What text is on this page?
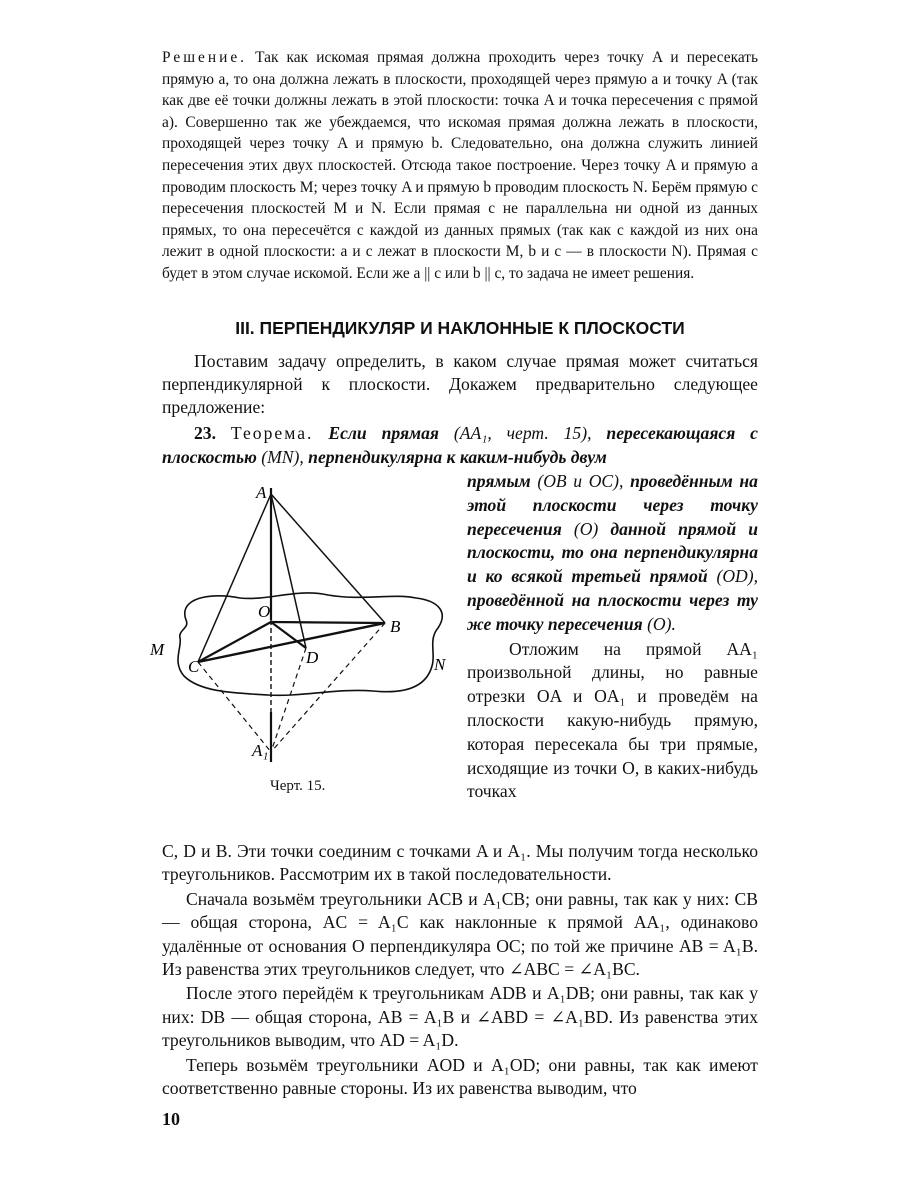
Решение. Так как искомая прямая должна проходить через точку A и пересекать прямую a, то она должна лежать в плоскости, проходящей через прямую a и точку A (так как две её точки должны лежать в этой плоскости: точка A и точка пересечения с прямой a). Совершенно так же убеждаемся, что искомая прямая должна лежать в плоскости, проходящей через точку A и прямую b. Следовательно, она должна служить линией пересечения этих двух плоскостей. Отсюда такое построение. Через точку A и прямую a проводим плоскость M; через точку A и прямую b проводим плоскость N. Берём прямую c пересечения плоскостей M и N. Если прямая c не параллельна ни одной из данных прямых, то она пересечётся с каждой из данных прямых (так как с каждой из них она лежит в одной плоскости: a и c лежат в плоскости M, b и c — в плоскости N). Прямая c будет в этом случае искомой. Если же a || c или b || c, то задача не имеет решения.
III. ПЕРПЕНДИКУЛЯР И НАКЛОННЫЕ К ПЛОСКОСТИ

Поставим задачу определить, в каком случае прямая может считаться перпендикулярной к плоскости. Докажем предварительно следующее предложение:

23. Теорема. Если прямая (AA₁, черт. 15), пересекающаяся с плоскостью (MN), перпендикулярна к каким-нибудь двум

A
O
B
C	D
M
N
A₁
Черт. 15.

прямым (OB и OC), проведённым на этой плоскости через точку пересечения (O) данной прямой и плоскости, то она перпендикулярна и ко всякой третьей прямой (OD), проведённой на плоскости через ту же точку пересечения (O).

Отложим на прямой AA₁ произвольной длины, но равные отрезки OA и OA₁ и проведём на плоскости какую-нибудь прямую, которая пересекала бы три прямые, исходящие из точки O, в каких-нибудь точках

C, D и B. Эти точки соединим с точками A и A₁. Мы получим тогда несколько треугольников. Рассмотрим их в такой последовательности.

Сначала возьмём треугольники ACB и A₁CB; они равны, так как у них: CB — общая сторона, AC = A₁C как наклонные к прямой AA₁, одинаково удалённые от основания O перпендикуляра OC; по той же причине AB = A₁B. Из равенства этих треугольников следует, что ∠ABC = ∠A₁BC.

После этого перейдём к треугольникам ADB и A₁DB; они равны, так как у них: DB — общая сторона, AB = A₁B и ∠ABD = ∠A₁BD. Из равенства этих треугольников выводим, что AD = A₁D.

Теперь возьмём треугольники AOD и A₁OD; они равны, так как имеют соответственно равные стороны. Из их равенства выводим, что

10
